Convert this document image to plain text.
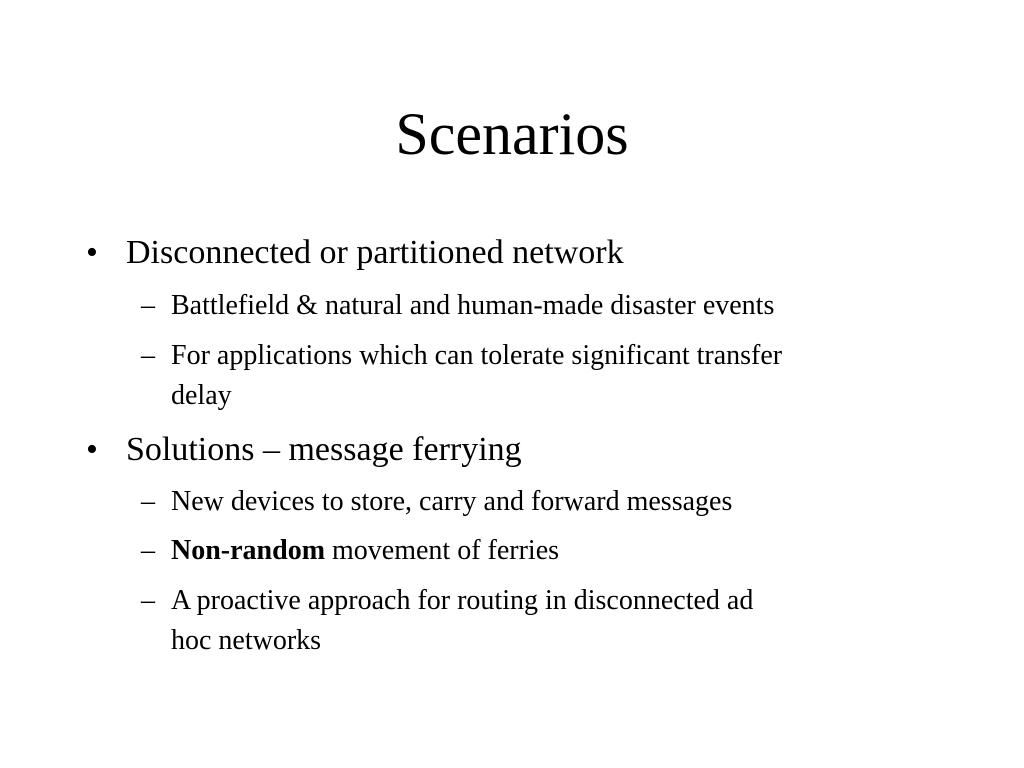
Scenarios
• Disconnected or partitioned network
– Battlefield & natural and human-made disaster events
– For applications which can tolerate significant transfer
delay
• Solutions – message ferrying
– New devices to store, carry and forward messages
– Non-random movement of ferries
– A proactive approach for routing in disconnected ad
hoc networks
